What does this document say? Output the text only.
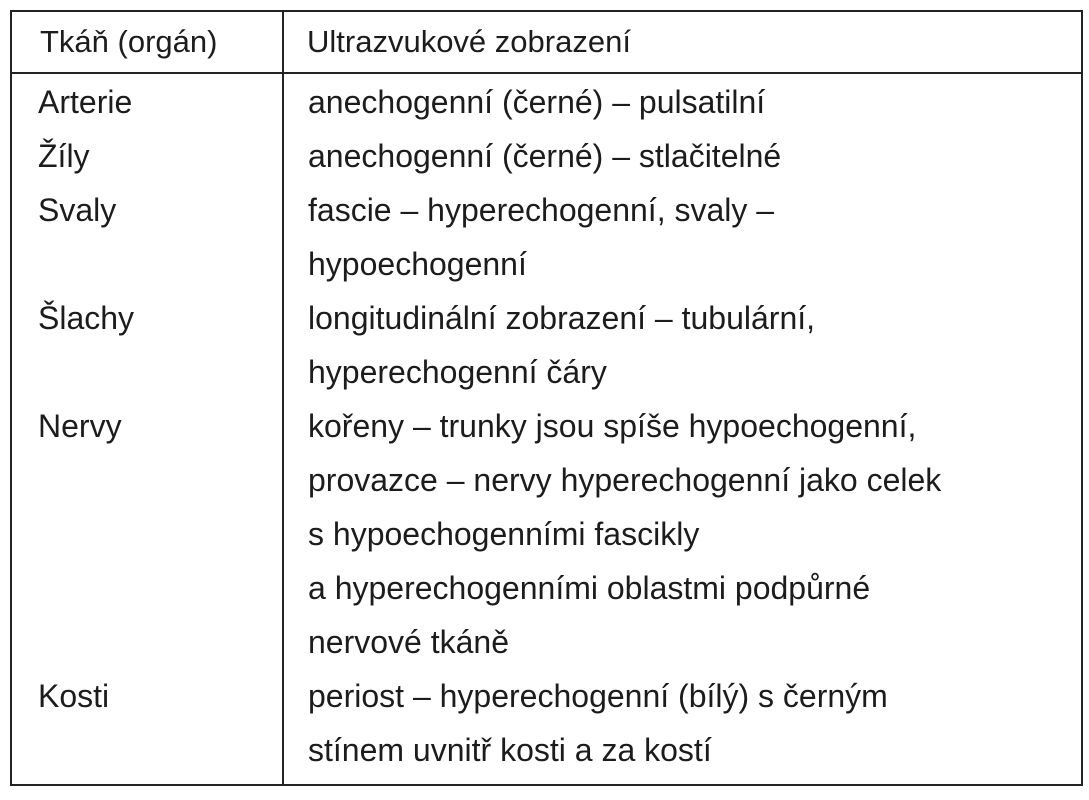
Tkáň (orgán)	Ultrazvukové zobrazení
Arterie	anechogenní (černé) – pulsatilní
Žíly	anechogenní (černé) – stlačitelné
Svaly	fascie – hyperechogenní, svaly –
hypoechogenní
Šlachy	longitudinální zobrazení – tubulární,
hyperechogenní čáry
Nervy	kořeny – trunky jsou spíše hypoechogenní,
provazce – nervy hyperechogenní jako celek
s hypoechogenními fascikly
a hyperechogenními oblastmi podpůrné
nervové tkáně
Kosti	periost – hyperechogenní (bílý) s černým
stínem uvnitř kosti a za kostí
